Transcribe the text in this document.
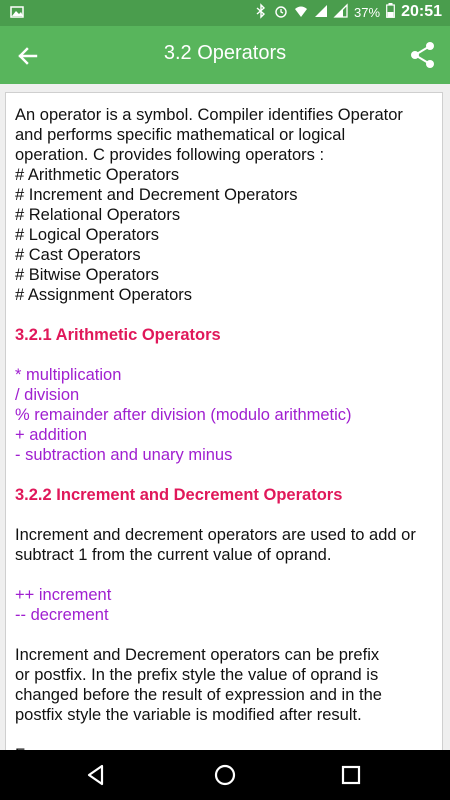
37% 20:51
3.2 Operators
An operator is a symbol. Compiler identifies Operator
and performs specific mathematical or logical
operation. C provides following operators :
# Arithmetic Operators
# Increment and Decrement Operators
# Relational Operators
# Logical Operators
# Cast Operators
# Bitwise Operators
# Assignment Operators
3.2.1 Arithmetic Operators
* multiplication
/ division
% remainder after division (modulo arithmetic)
+ addition
- subtraction and unary minus
3.2.2 Increment and Decrement Operators
Increment and decrement operators are used to add or
subtract 1 from the current value of oprand.
++ increment
-- decrement
Increment and Decrement operators can be prefix
or postfix. In the prefix style the value of oprand is
changed before the result of expression and in the
postfix style the variable is modified after result.
